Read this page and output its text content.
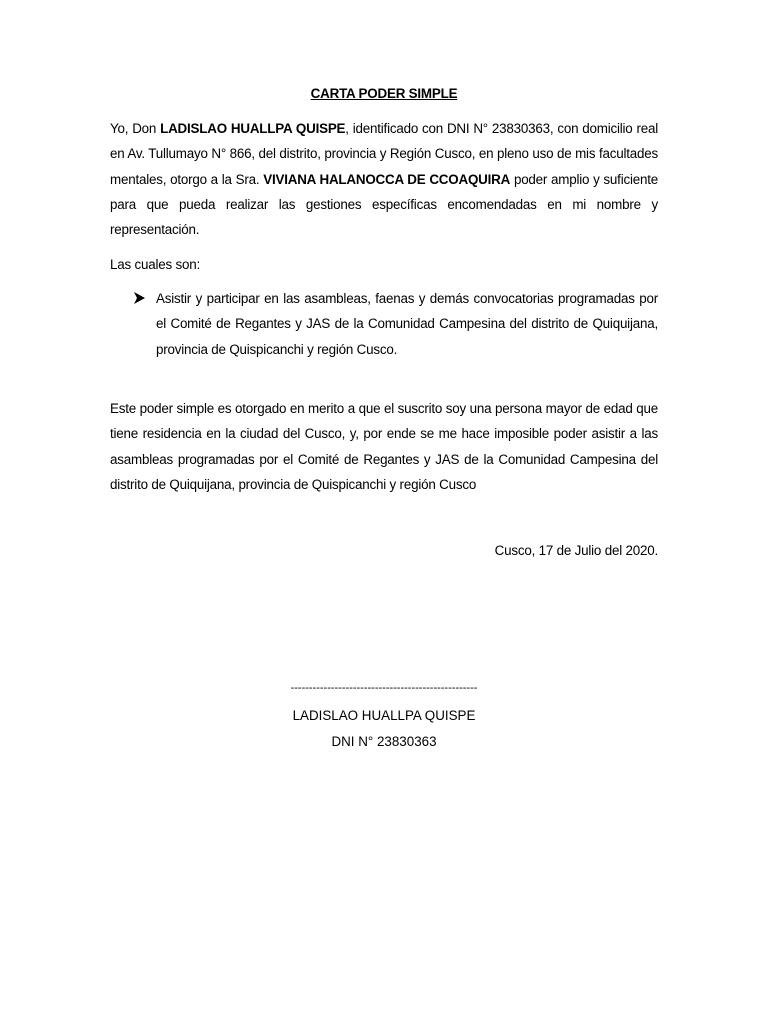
CARTA PODER SIMPLE
Yo, Don LADISLAO HUALLPA QUISPE, identificado con DNI N° 23830363, con domicilio real en Av. Tullumayo N° 866, del distrito, provincia y Región Cusco, en pleno uso de mis facultades mentales, otorgo a la Sra. VIVIANA HALANOCCA DE CCOAQUIRA poder amplio y suficiente para que pueda realizar las gestiones específicas encomendadas en mi nombre y representación.
Las cuales son:
Asistir y participar en las asambleas, faenas y demás convocatorias programadas por el Comité de Regantes y JAS de la Comunidad Campesina del distrito de Quiquijana, provincia de Quispicanchi y región Cusco.
Este poder simple es otorgado en merito a que el suscrito soy una persona mayor de edad que tiene residencia en la ciudad del Cusco, y, por ende se me hace imposible poder asistir a las asambleas programadas por el Comité de Regantes y JAS de la Comunidad Campesina del distrito de Quiquijana, provincia de Quispicanchi y región Cusco
Cusco, 17 de Julio del 2020.
---------------------------------------------------
LADISLAO HUALLPA QUISPE
DNI N° 23830363
